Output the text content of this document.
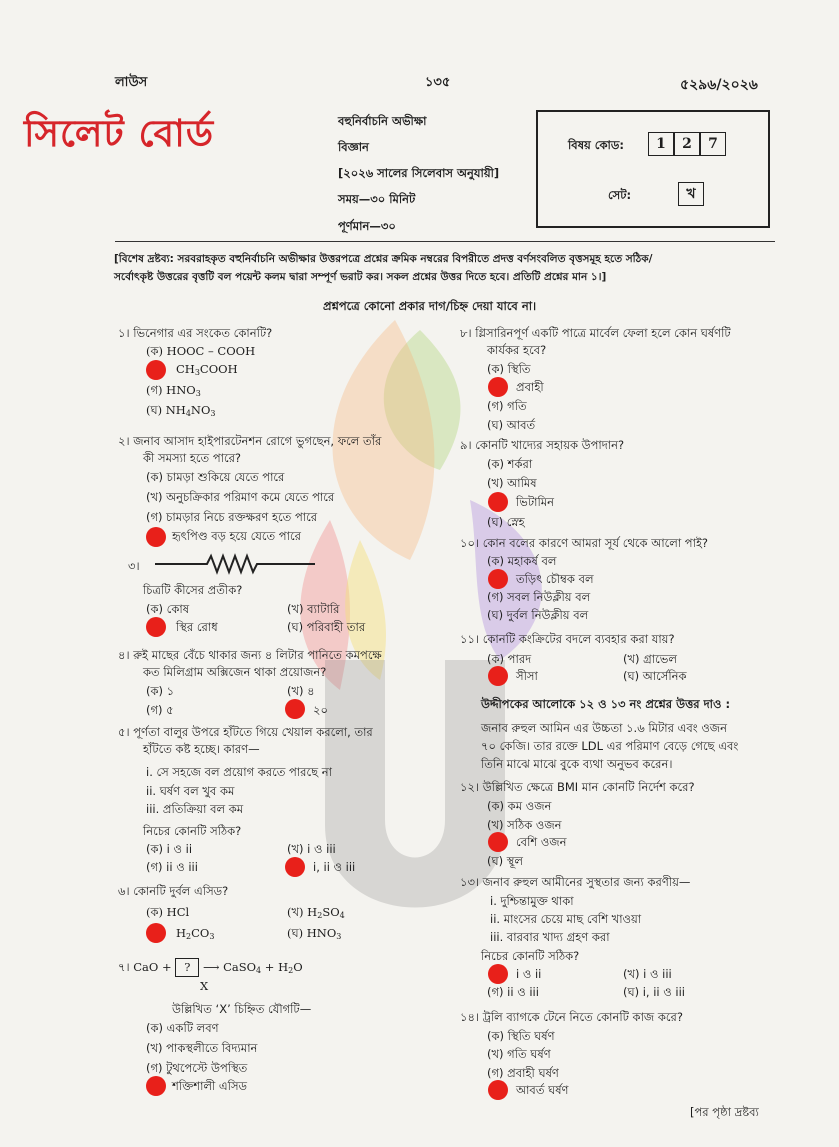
লাউস	১৩৫	৫২৯৬/২০২৬
সিলেট বোর্ড	বহুনির্বাচনি অভীক্ষা
বিজ্ঞান
[২০২৬ সালের সিলেবাস অনুযায়ী]
সময়—৩০ মিনিট
পূর্ণমান—৩০
বিষয় কোড:	1 2 7
সেট:	খ
[বিশেষ দ্রষ্টব্য: সরবরাহকৃত বহুনির্বাচনি অভীক্ষার উত্তরপত্রে প্রশ্নের ক্রমিক নম্বরের বিপরীতে প্রদত্ত বর্ণসংবলিত বৃত্তসমূহ হতে সঠিক/
সর্বোৎকৃষ্ট উত্তরের বৃত্তটি বল পয়েন্ট কলম দ্বারা সম্পূর্ণ ভরাট কর। সকল প্রশ্নের উত্তর দিতে হবে। প্রতিটি প্রশ্নের মান ১।]
প্রশ্নপত্রে কোনো প্রকার দাগ/চিহ্ন দেয়া যাবে না।
১। ভিনেগার এর সংকেত কোনটি?
(ক) HOOC – COOH
$CH_3COOH$
(গ) $HNO_3$
(ঘ) $NH_4NO_3$
২। জনাব আসাদ হাইপারটেনশন রোগে ভুগছেন, ফলে তাঁর
কী সমস্যা হতে পারে?
(ক) চামড়া শুকিয়ে যেতে পারে
(খ) অনুচক্রিকার পরিমাণ কমে যেতে পারে
(গ) চামড়ার নিচে রক্তক্ষরণ হতে পারে
হৃৎপিণ্ড বড় হয়ে যেতে পারে
৩।
চিত্রটি কীসের প্রতীক?
(ক) কোষ	(খ) ব্যাটারি
স্থির রোধ	(ঘ) পরিবাহী তার
৪। রুই মাছের বেঁচে থাকার জন্য ৪ লিটার পানিতে কমপক্ষে
কত মিলিগ্রাম অক্সিজেন থাকা প্রয়োজন?
(ক) ১	(খ) ৪
(গ) ৫	২০
৫। পূর্ণতা বালুর উপরে হাঁটতে গিয়ে খেয়াল করলো, তার
হাঁটতে কষ্ট হচ্ছে। কারণ—
i. সে সহজে বল প্রয়োগ করতে পারছে না
ii. ঘর্ষণ বল খুব কম
iii. প্রতিক্রিয়া বল কম
নিচের কোনটি সঠিক?
(ক) i ও ii	(খ) i ও iii
(গ) ii ও iii	i, ii ও iii
৬। কোনটি দুর্বল এসিড?
(ক) HCl	(খ) $H_2SO_4$
$H_2CO_3$	(ঘ) $HNO_3$
৭। CaO + ? ⟶ CaSO$_4$ + $H_2O$
X
উল্লিখিত ‘X’ চিহ্নিত যৌগটি—
(ক) একটি লবণ
(খ) পাকস্থলীতে বিদ্যমান
(গ) টুথপেস্টে উপস্থিত
শক্তিশালী এসিড
৮। গ্লিসারিনপূর্ণ একটি পাত্রে মার্বেল ফেলা হলে কোন ঘর্ষণটি
কার্যকর হবে?
(ক) স্থিতি
প্রবাহী
(গ) গতি
(ঘ) আবর্ত
৯। কোনটি খাদ্যের সহায়ক উপাদান?
(ক) শর্করা
(খ) আমিষ
ভিটামিন
(ঘ) স্নেহ
১০। কোন বলের কারণে আমরা সূর্য থেকে আলো পাই?
(ক) মহাকর্ষ বল
তড়িৎ চৌম্বক বল
(গ) সবল নিউক্লীয় বল
(ঘ) দুর্বল নিউক্লীয় বল
১১। কোনটি কংক্রিটের বদলে ব্যবহার করা যায়?
(ক) পারদ	(খ) গ্রাভেল
সীসা	(ঘ) আর্সেনিক
উদ্দীপকের আলোকে ১২ ও ১৩ নং প্রশ্নের উত্তর দাও :
জনাব রুহুল আমিন এর উচ্চতা ১.৬ মিটার এবং ওজন
৭০ কেজি। তার রক্তে LDL এর পরিমাণ বেড়ে গেছে এবং
তিনি মাঝে মাঝে বুকে ব্যথা অনুভব করেন।
১২। উল্লিখিত ক্ষেত্রে BMI মান কোনটি নির্দেশ করে?
(ক) কম ওজন
(খ) সঠিক ওজন
বেশি ওজন
(ঘ) স্থূল
১৩। জনাব রুহুল আমীনের সুস্থতার জন্য করণীয়—
i. দুশ্চিন্তামুক্ত থাকা
ii. মাংসের চেয়ে মাছ বেশি খাওয়া
iii. বারবার খাদ্য গ্রহণ করা
নিচের কোনটি সঠিক?
i ও ii	(খ) i ও iii
(গ) ii ও iii	(ঘ) i, ii ও iii
১৪। ট্রলি ব্যাগকে টেনে নিতে কোনটি কাজ করে?
(ক) স্থিতি ঘর্ষণ
(খ) গতি ঘর্ষণ
(গ) প্রবাহী ঘর্ষণ
আবর্ত ঘর্ষণ
[পর পৃষ্ঠা দ্রষ্টব্য
